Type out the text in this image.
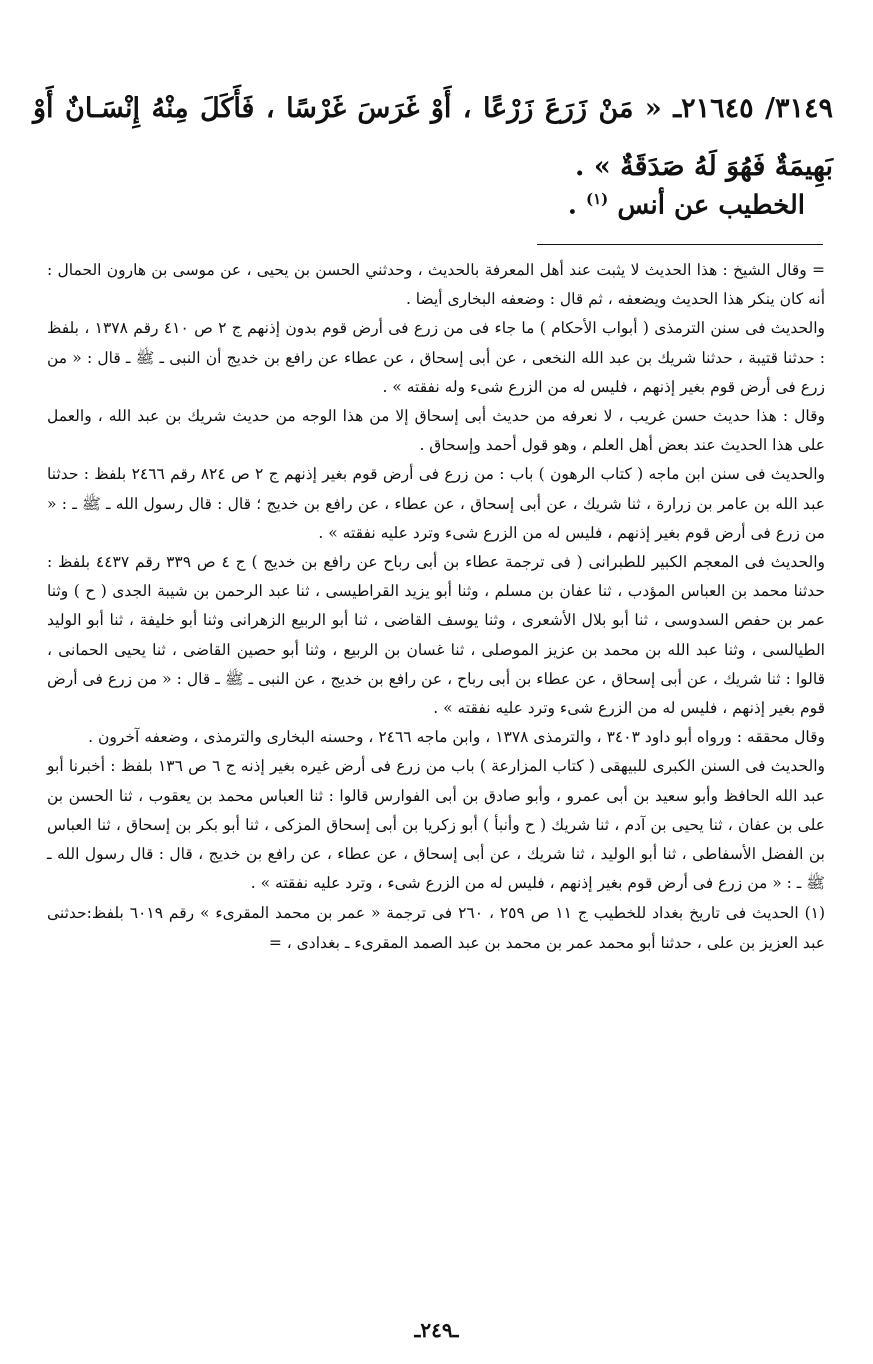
٣١٤٩/ ٢١٦٤٥ـ « مَنْ زَرَعَ زَرْعًا ، أَوْ غَرَسَ غَرْسًا ، فَأَكَلَ مِنْهُ إِنْسَـانٌ أَوْ بَهِيمَةٌ فَهُوَ لَهُ صَدَقَةٌ » .
الخطيب عن أنس $^{(١)}$ .

= وقال الشيخ : هذا الحديث لا يثبت عند أهل المعرفة بالحديث ، وحدثني الحسن بن يحيى ، عن موسى بن هارون الحمال : أنه كان ينكر هذا الحديث ويضعفه ، ثم قال : وضعفه البخارى أيضا .

والحديث فى سنن الترمذى ( أبواب الأحكام ) ما جاء فى من زرع فى أرض قوم بدون إذنهم ج ٢ ص ٤١٠ رقم ١٣٧٨ ، بلفظ : حدثنا قتيبة ، حدثنا شريك بن عبد الله النخعى ، عن أبى إسحاق ، عن عطاء عن رافع بن خديج أن النبى ـ ﷺ ـ قال : « من زرع فى أرض قوم بغير إذنهم ، فليس له من الزرع شىء وله نفقته » .

وقال : هذا حديث حسن غريب ، لا نعرفه من حديث أبى إسحاق إلا من هذا الوجه من حديث شريك بن عبد الله ، والعمل على هذا الحديث عند بعض أهل العلم ، وهو قول أحمد وإسحاق .

والحديث فى سنن ابن ماجه ( كتاب الرهون ) باب : من زرع فى أرض قوم بغير إذنهم ج ٢ ص ٨٢٤ رقم ٢٤٦٦ بلفظ : حدثنا عبد الله بن عامر بن زرارة ، ثنا شريك ، عن أبى إسحاق ، عن عطاء ، عن رافع بن خديج ؛ قال : قال رسول الله ـ ﷺ ـ : « من زرع فى أرض قوم بغير إذنهم ، فليس له من الزرع شىء وترد عليه نفقته » .

والحديث فى المعجم الكبير للطبرانى ( فى ترجمة عطاء بن أبى رباح عن رافع بن خديج ) ج ٤ ص ٣٣٩ رقم ٤٤٣٧ بلفظ : حدثنا محمد بن العباس المؤدب ، ثنا عفان بن مسلم ، وثنا أبو يزيد القراطيسى ، ثنا عبد الرحمن بن شيبة الجدى ( ح ) وثنا عمر بن حفص السدوسى ، ثنا أبو بلال الأشعرى ، وثنا يوسف القاضى ، ثنا أبو الربيع الزهرانى وثنا أبو خليفة ، ثنا أبو الوليد الطيالسى ، وثنا عبد الله بن محمد بن عزيز الموصلى ، ثنا غسان بن الربيع ، وثنا أبو حصين القاضى ، ثنا يحيى الحمانى ، قالوا : ثنا شريك ، عن أبى إسحاق ، عن عطاء بن أبى رباح ، عن رافع بن خديج ، عن النبى ـ ﷺ ـ قال : « من زرع فى أرض قوم بغير إذنهم ، فليس له من الزرع شىء وترد عليه نفقته » .

وقال محققه : ورواه أبو داود ٣٤٠٣ ، والترمذى ١٣٧٨ ، وابن ماجه ٢٤٦٦ ، وحسنه البخارى والترمذى ، وضعفه آخرون .

والحديث فى السنن الكبرى للبيهقى ( كتاب المزارعة ) باب من زرع فى أرض غيره بغير إذنه ج ٦ ص ١٣٦ بلفظ : أخبرنا أبو عبد الله الحافظ وأبو سعيد بن أبى عمرو ، وأبو صادق بن أبى الفوارس قالوا : ثنا العباس محمد بن يعقوب ، ثنا الحسن بن على بن عفان ، ثنا يحيى بن آدم ، ثنا شريك ( ح وأنبأ ) أبو زكريا بن أبى إسحاق المزكى ، ثنا أبو بكر بن إسحاق ، ثنا العباس بن الفضل الأسفاطى ، ثنا أبو الوليد ، ثنا شريك ، عن أبى إسحاق ، عن عطاء ، عن رافع بن خديج ، قال : قال رسول الله ـ ﷺ ـ : « من زرع فى أرض قوم بغير إذنهم ، فليس له من الزرع شىء ، وترد عليه نفقته » .

(١) الحديث فى تاريخ بغداد للخطيب ج ١١ ص ٢٥٩ ، ٢٦٠ فى ترجمة « عمر بن محمد المقرىء » رقم ٦٠١٩ بلفظ:حدثنى عبد العزيز بن على ، حدثنا أبو محمد عمر بن محمد بن عبد الصمد المقرىء ـ بغدادى ، =

ـ٢٤٩ـ
